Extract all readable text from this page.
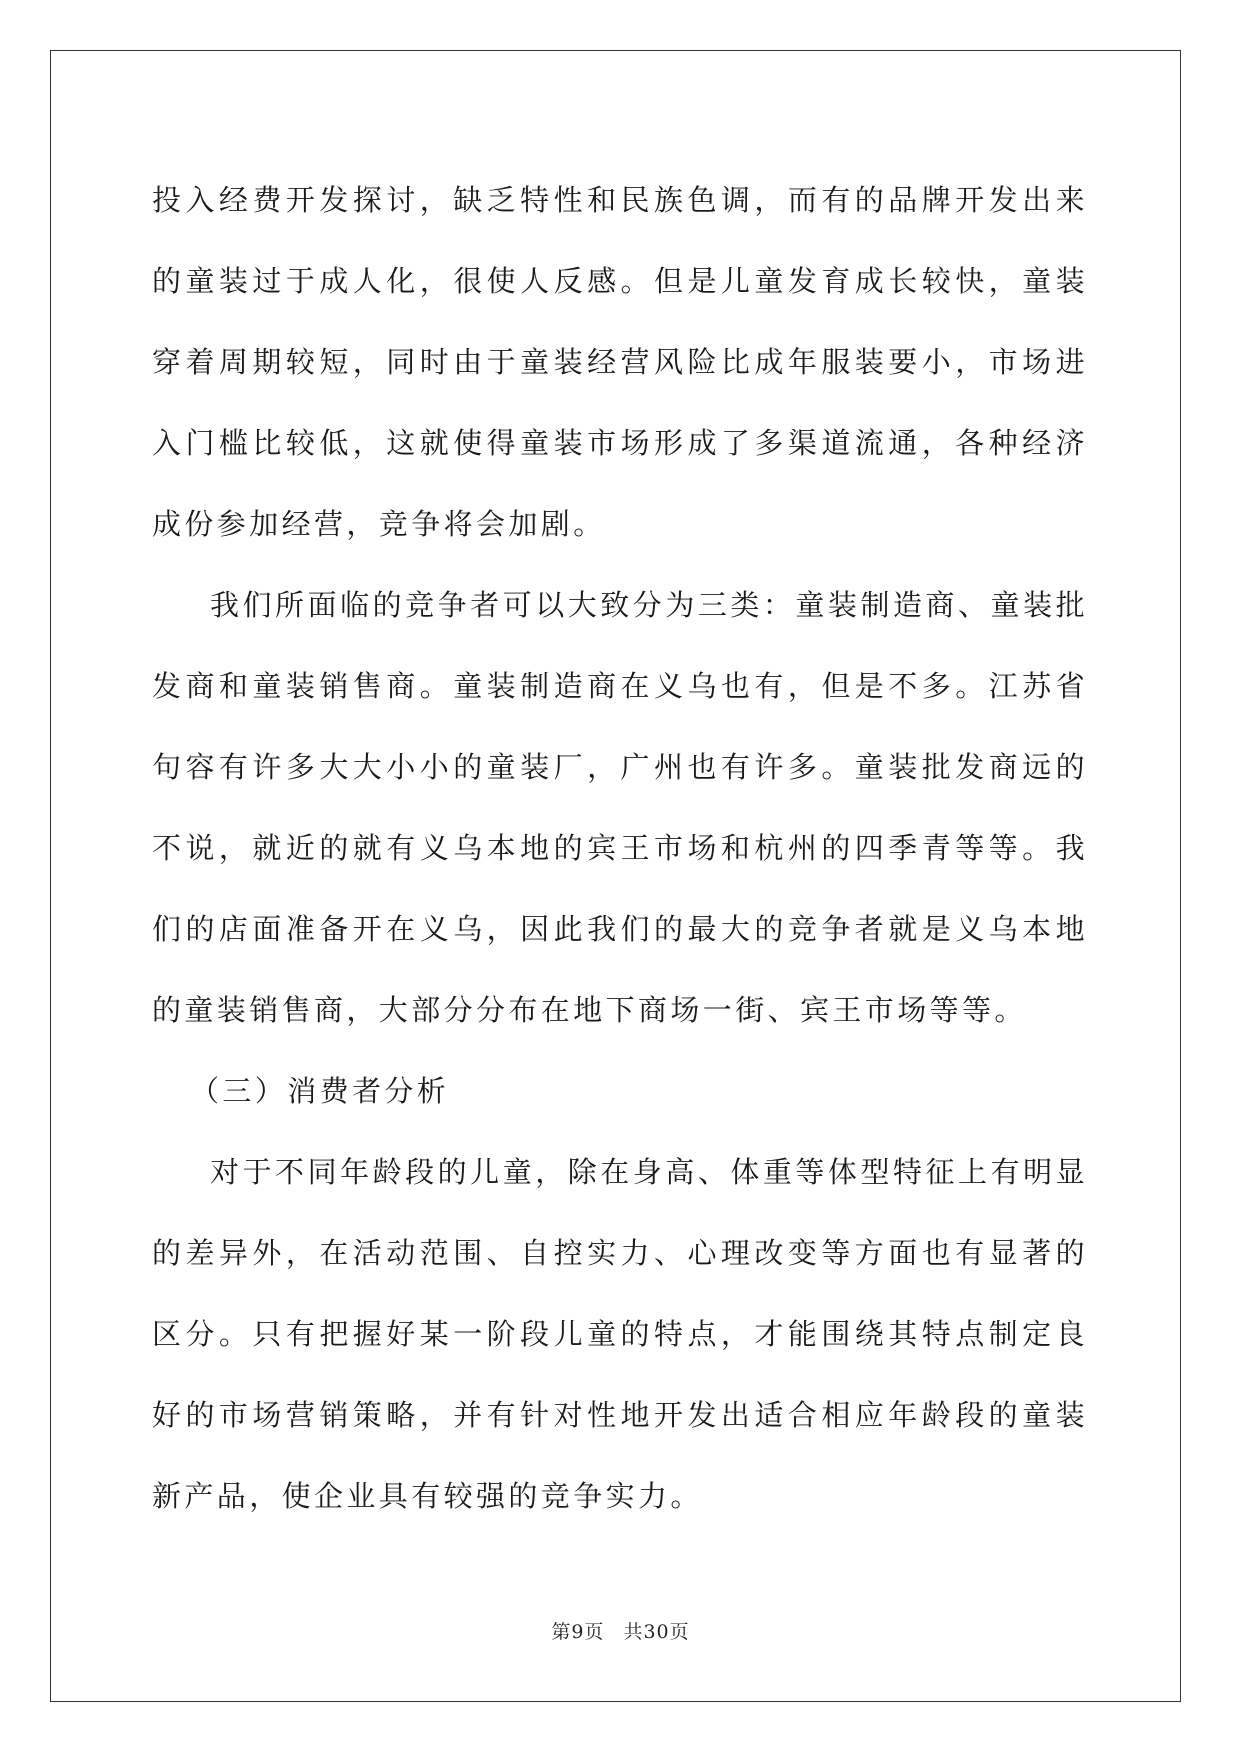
投入经费开发探讨，缺乏特性和民族色调，而有的品牌开发出来的童装过于成人化，很使人反感。但是儿童发育成长较快，童装穿着周期较短，同时由于童装经营风险比成年服装要小，市场进入门槛比较低，这就使得童装市场形成了多渠道流通，各种经济成份参加经营，竞争将会加剧。

我们所面临的竞争者可以大致分为三类：童装制造商、童装批发商和童装销售商。童装制造商在义乌也有，但是不多。江苏省句容有许多大大小小的童装厂，广州也有许多。童装批发商远的不说，就近的就有义乌本地的宾王市场和杭州的四季青等等。我们的店面准备开在义乌，因此我们的最大的竞争者就是义乌本地的童装销售商，大部分分布在地下商场一街、宾王市场等等。

（三）消费者分析

对于不同年龄段的儿童，除在身高、体重等体型特征上有明显的差异外，在活动范围、自控实力、心理改变等方面也有显著的区分。只有把握好某一阶段儿童的特点，才能围绕其特点制定良好的市场营销策略，并有针对性地开发出适合相应年龄段的童装新产品，使企业具有较强的竞争实力。

第9页 共30页
